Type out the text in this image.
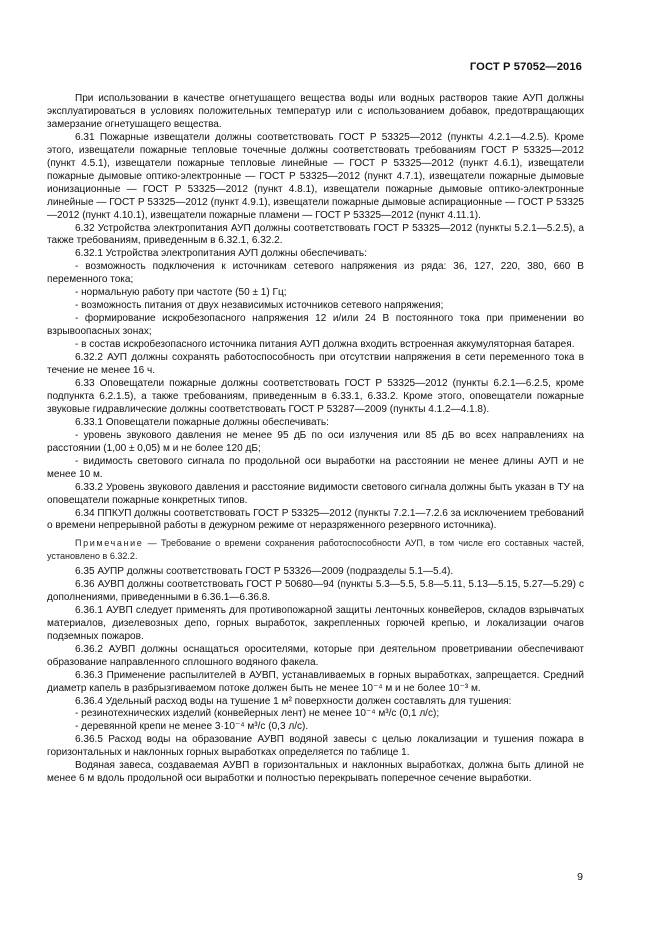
ГОСТ Р 57052—2016

При использовании в качестве огнетушащего вещества воды или водных растворов такие АУП должны эксплуатироваться в условиях положительных температур или с использованием добавок, предотвращающих замерзание огнетушащего вещества.

6.31 Пожарные извещатели должны соответствовать ГОСТ Р 53325—2012 (пункты 4.2.1—4.2.5). Кроме этого, извещатели пожарные тепловые точечные должны соответствовать требованиям ГОСТ Р 53325—2012 (пункт 4.5.1), извещатели пожарные тепловые линейные — ГОСТ Р 53325—2012 (пункт 4.6.1), извещатели пожарные дымовые оптико-электронные — ГОСТ Р 53325—2012 (пункт 4.7.1), извещатели пожарные дымовые ионизационные — ГОСТ Р 53325—2012 (пункт 4.8.1), извещатели пожарные дымовые оптико-электронные линейные — ГОСТ Р 53325—2012 (пункт 4.9.1), извещатели пожарные дымовые аспирационные — ГОСТ Р 53325—2012 (пункт 4.10.1), извещатели пожарные пламени — ГОСТ Р 53325—2012 (пункт 4.11.1).

6.32 Устройства электропитания АУП должны соответствовать ГОСТ Р 53325—2012 (пункты 5.2.1—5.2.5), а также требованиям, приведенным в 6.32.1, 6.32.2.

6.32.1 Устройства электропитания АУП должны обеспечивать:

- возможность подключения к источникам сетевого напряжения из ряда: 36, 127, 220, 380, 660 В переменного тока;

- нормальную работу при частоте (50 ± 1) Гц;

- возможность питания от двух независимых источников сетевого напряжения;

- формирование искробезопасного напряжения 12 и/или 24 В постоянного тока при применении во взрывоопасных зонах;

- в состав искробезопасного источника питания АУП должна входить встроенная аккумуляторная батарея.

6.32.2 АУП должны сохранять работоспособность при отсутствии напряжения в сети переменного тока в течение не менее 16 ч.

6.33 Оповещатели пожарные должны соответствовать ГОСТ Р 53325—2012 (пункты 6.2.1—6.2.5, кроме подпункта 6.2.1.5), а также требованиям, приведенным в 6.33.1, 6.33.2. Кроме этого, оповещатели пожарные звуковые гидравлические должны соответствовать ГОСТ Р 53287—2009 (пункты 4.1.2—4.1.8).

6.33.1 Оповещатели пожарные должны обеспечивать:

- уровень звукового давления не менее 95 дБ по оси излучения или 85 дБ во всех направлениях на расстоянии (1,00 ± 0,05) м и не более 120 дБ;

- видимость светового сигнала по продольной оси выработки на расстоянии не менее длины АУП и не менее 10 м.

6.33.2 Уровень звукового давления и расстояние видимости светового сигнала должны быть указан в ТУ на оповещатели пожарные конкретных типов.

6.34 ППКУП должны соответствовать ГОСТ Р 53325—2012 (пункты 7.2.1—7.2.6 за исключением требований о времени непрерывной работы в дежурном режиме от неразряженного резервного источника).

Примечание — Требование о времени сохранения работоспособности АУП, в том числе его составных частей, установлено в 6.32.2.

6.35 АУПР должны соответствовать ГОСТ Р 53326—2009 (подразделы 5.1—5.4).

6.36 АУВП должны соответствовать ГОСТ Р 50680—94 (пункты 5.3—5.5, 5.8—5.11, 5.13—5.15, 5.27—5.29) с дополнениями, приведенными в 6.36.1—6.36.8.

6.36.1 АУВП следует применять для противопожарной защиты ленточных конвейеров, складов взрывчатых материалов, дизелевозных депо, горных выработок, закрепленных горючей крепью, и локализации очагов подземных пожаров.

6.36.2 АУВП должны оснащаться оросителями, которые при деятельном проветривании обеспечивают образование направленного сплошного водяного факела.

6.36.3 Применение распылителей в АУВП, устанавливаемых в горных выработках, запрещается. Средний диаметр капель в разбрызгиваемом потоке должен быть не менее 10⁻⁴ м и не более 10⁻³ м.

6.36.4 Удельный расход воды на тушение 1 м² поверхности должен составлять для тушения:

- резинотехнических изделий (конвейерных лент) не менее 10⁻⁴ м³/с (0,1 л/с);

- деревянной крепи не менее 3·10⁻⁴ м³/с (0,3 л/с).

6.36.5 Расход воды на образование АУВП водяной завесы с целью локализации и тушения пожара в горизонтальных и наклонных горных выработках определяется по таблице 1.

Водяная завеса, создаваемая АУВП в горизонтальных и наклонных выработках, должна быть длиной не менее 6 м вдоль продольной оси выработки и полностью перекрывать поперечное сечение выработки.

9
